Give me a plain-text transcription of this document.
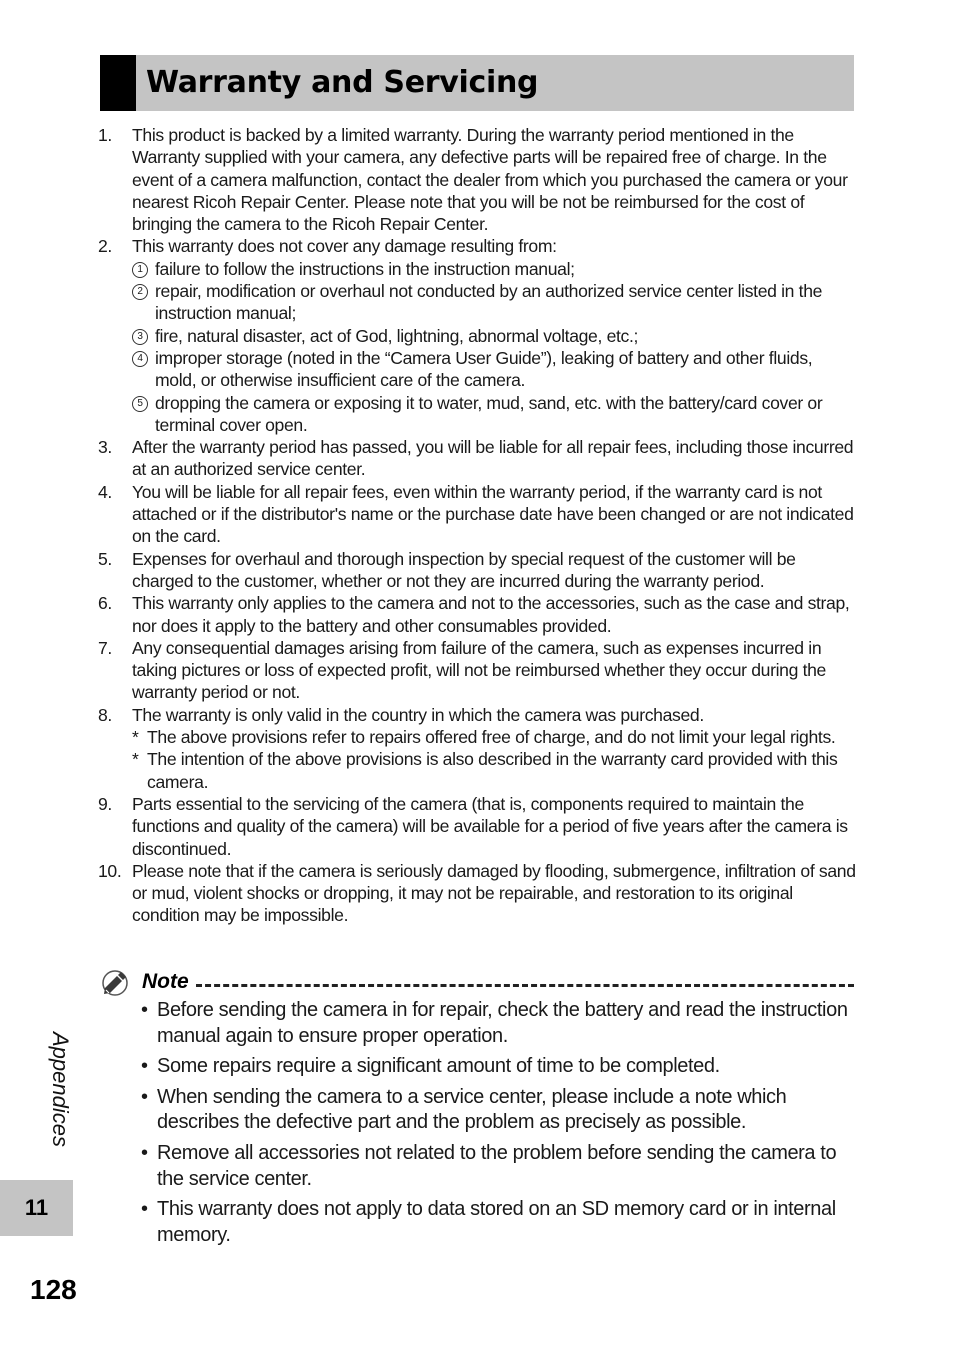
Warranty and Servicing
1.	This product is backed by a limited warranty. During the warranty period mentioned in the Warranty supplied with your camera, any defective parts will be repaired free of charge. In the event of a camera malfunction, contact the dealer from which you purchased the camera or your nearest Ricoh Repair Center. Please note that you will be not be reimbursed for the cost of bringing the camera to the Ricoh Repair Center.
2.	This warranty does not cover any damage resulting from:
1 failure to follow the instructions in the instruction manual;
2 repair, modification or overhaul not conducted by an authorized service center listed in the instruction manual;
3 fire, natural disaster, act of God, lightning, abnormal voltage, etc.;
4 improper storage (noted in the “Camera User Guide”), leaking of battery and other fluids, mold, or otherwise insufficient care of the camera.
5 dropping the camera or exposing it to water, mud, sand, etc. with the battery/card cover or terminal cover open.
3.	After the warranty period has passed, you will be liable for all repair fees, including those incurred at an authorized service center.
4.	You will be liable for all repair fees, even within the warranty period, if the warranty card is not attached or if the distributor's name or the purchase date have been changed or are not indicated on the card.
5.	Expenses for overhaul and thorough inspection by special request of the customer will be charged to the customer, whether or not they are incurred during the warranty period.
6.	This warranty only applies to the camera and not to the accessories, such as the case and strap, nor does it apply to the battery and other consumables provided.
7.	Any consequential damages arising from failure of the camera, such as expenses incurred in taking pictures or loss of expected profit, will not be reimbursed whether they occur during the warranty period or not.
8.	The warranty is only valid in the country in which the camera was purchased.
* The above provisions refer to repairs offered free of charge, and do not limit your legal rights.
* The intention of the above provisions is also described in the warranty card provided with this camera.
9.	Parts essential to the servicing of the camera (that is, components required to maintain the functions and quality of the camera) will be available for a period of five years after the camera is discontinued.
10. Please note that if the camera is seriously damaged by flooding, submergence, infiltration of sand or mud, violent shocks or dropping, it may not be repairable, and restoration to its original condition may be impossible.
Note
• Before sending the camera in for repair, check the battery and read the instruction manual again to ensure proper operation.
• Some repairs require a significant amount of time to be completed.
• When sending the camera to a service center, please include a note which describes the defective part and the problem as precisely as possible.
• Remove all accessories not related to the problem before sending the camera to the service center.
• This warranty does not apply to data stored on an SD memory card or in internal memory.
Appendices
11
128
